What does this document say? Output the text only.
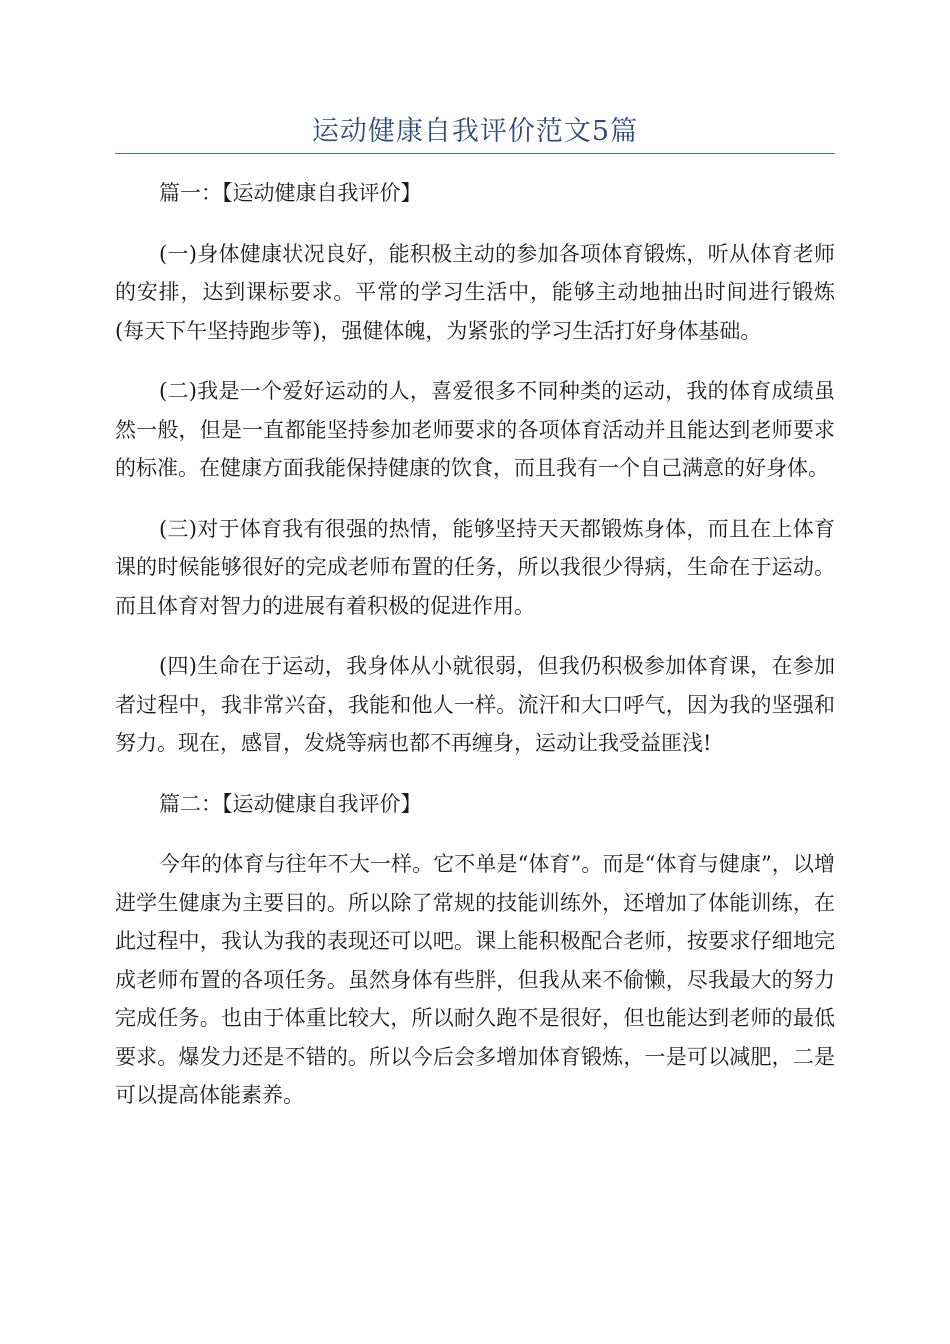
运动健康自我评价范文5篇

篇一：【运动健康自我评价】

(一)身体健康状况良好，能积极主动的参加各项体育锻炼，听从体育老师的安排，达到课标要求。平常的学习生活中，能够主动地抽出时间进行锻炼(每天下午坚持跑步等)，强健体魄，为紧张的学习生活打好身体基础。

(二)我是一个爱好运动的人，喜爱很多不同种类的运动，我的体育成绩虽然一般，但是一直都能坚持参加老师要求的各项体育活动并且能达到老师要求的标准。在健康方面我能保持健康的饮食，而且我有一个自己满意的好身体。

(三)对于体育我有很强的热情，能够坚持天天都锻炼身体，而且在上体育课的时候能够很好的完成老师布置的任务，所以我很少得病，生命在于运动。而且体育对智力的进展有着积极的促进作用。

(四)生命在于运动，我身体从小就很弱，但我仍积极参加体育课，在参加者过程中，我非常兴奋，我能和他人一样。流汗和大口呼气，因为我的坚强和努力。现在，感冒，发烧等病也都不再缠身，运动让我受益匪浅!

篇二：【运动健康自我评价】

今年的体育与往年不大一样。它不单是“体育”。而是“体育与健康”，以增进学生健康为主要目的。所以除了常规的技能训练外，还增加了体能训练，在此过程中，我认为我的表现还可以吧。课上能积极配合老师，按要求仔细地完成老师布置的各项任务。虽然身体有些胖，但我从来不偷懒，尽我最大的努力完成任务。也由于体重比较大，所以耐久跑不是很好，但也能达到老师的最低要求。爆发力还是不错的。所以今后会多增加体育锻炼，一是可以减肥，二是可以提高体能素养。
